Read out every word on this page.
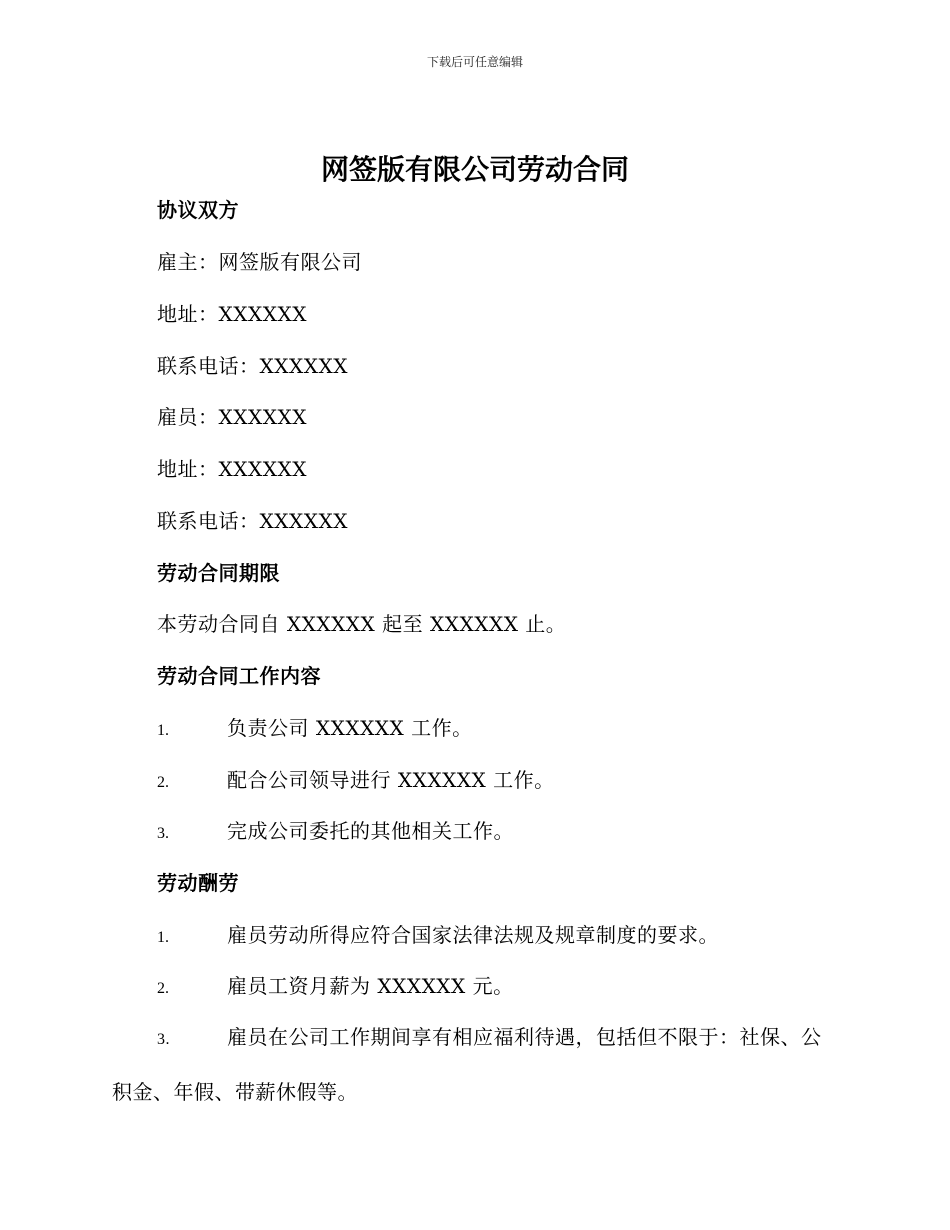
下载后可任意编辑
网签版有限公司劳动合同
协议双方
雇主：网签版有限公司
地址：XXXXXX
联系电话：XXXXXX
雇员：XXXXXX
地址：XXXXXX
联系电话：XXXXXX
劳动合同期限
本劳动合同自 XXXXXX 起至 XXXXXX 止。
劳动合同工作内容
1.	负责公司 XXXXXX 工作。
2.	配合公司领导进行 XXXXXX 工作。
3.	完成公司委托的其他相关工作。
劳动酬劳
1.	雇员劳动所得应符合国家法律法规及规章制度的要求。
2.	雇员工资月薪为 XXXXXX 元。
3.	雇员在公司工作期间享有相应福利待遇，包括但不限于：社保、公积金、年假、带薪休假等。
